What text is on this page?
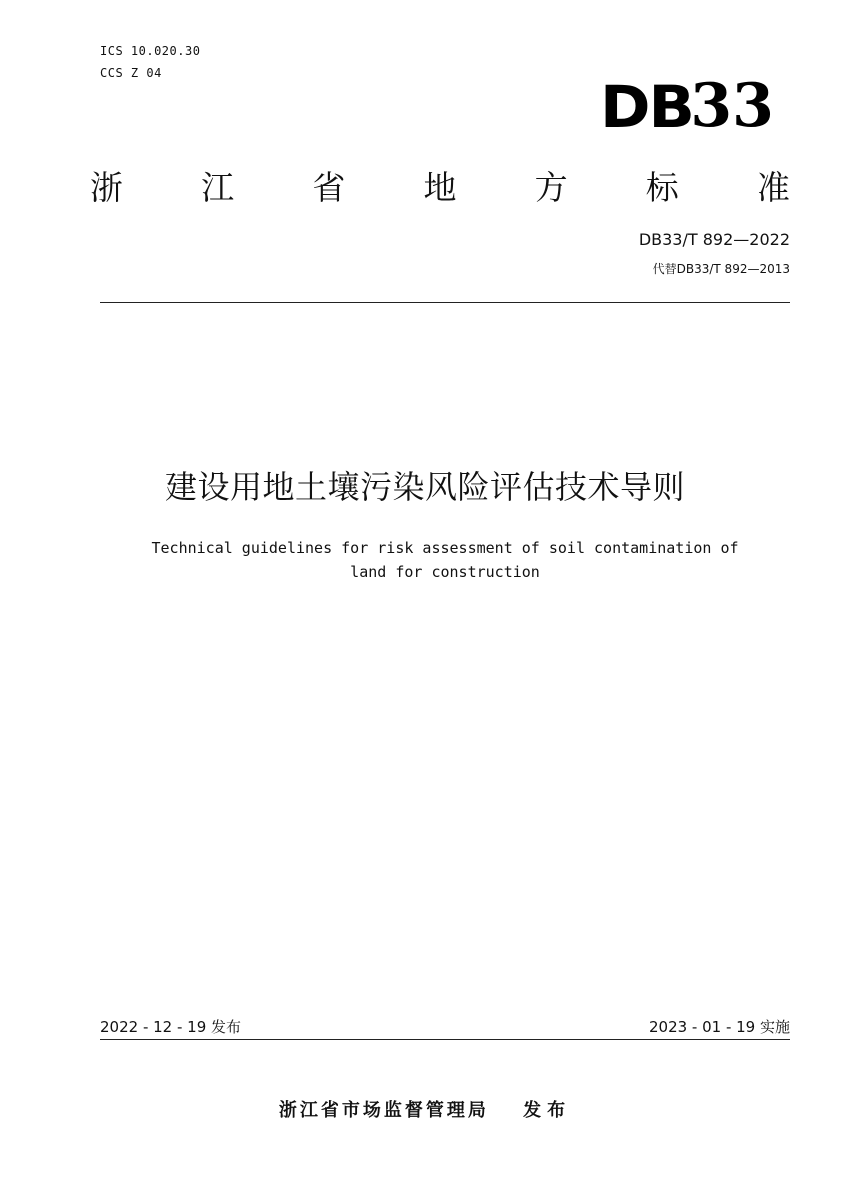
ICS 10.020.30
CCS Z 04	DB
33
浙 江 省 地 方 标 准
DB33/T 892—2022
代替DB33/T 892—2013
建设用地土壤污染风险评估技术导则
Technical guidelines for risk assessment of soil contamination of
land for construction
2022 - 12 - 19 发布	2023 - 01 - 19 实施
浙江省市场监督管理局 发布
